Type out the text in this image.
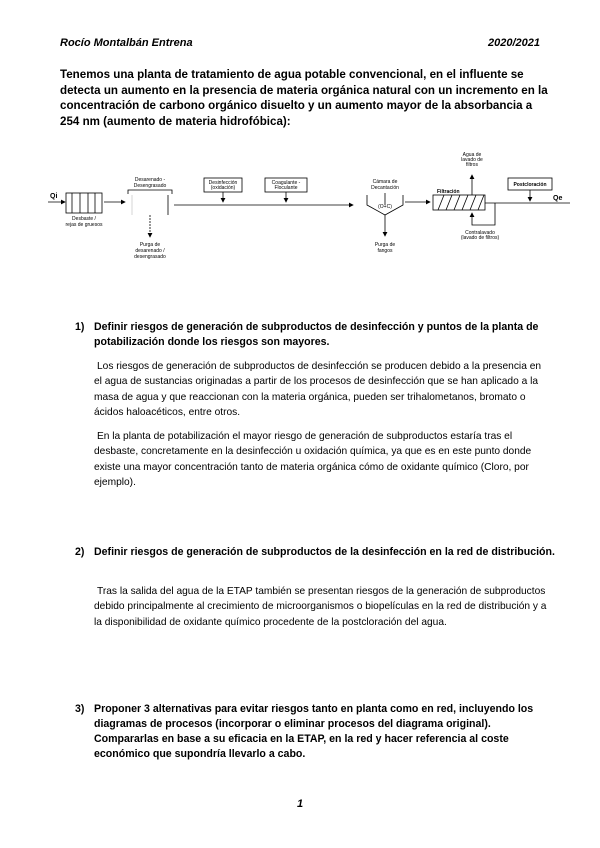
Rocío Montalbán Entrena	2020/2021
Tenemos una planta de tratamiento de agua potable convencional, en el influente se detecta un aumento en la presencia de materia orgánica natural con un incremento en la concentración de carbono orgánico disuelto y un aumento mayor de la absorbancia a 254 nm (aumento de materia hidrofóbica):
Qi	Qe
Desbaste / rejas de gruesos
Desarenado -Desengrasado
Purga de desarenado / desengrasado
Desinfección (oxidación)
Coagulante -Floculante
Cámara de Decantación
(O+C)
Purga de fangos
Filtración
Agua de lavado de filtros
Contralavado (lavado de filtros)
Postcloración
1) Definir riesgos de generación de subproductos de desinfección y puntos de la planta de potabilización donde los riesgos son mayores.
Los riesgos de generación de subproductos de desinfección se producen debido a la presencia en el agua de sustancias originadas a partir de los procesos de desinfección que se han aplicado a la masa de agua y que reaccionan con la materia orgánica, pueden ser trihalometanos, bromato o ácidos haloacéticos, entre otros.
En la planta de potabilización el mayor riesgo de generación de subproductos estaría tras el desbaste, concretamente en la desinfección u oxidación química, ya que es en este punto donde existe una mayor concentración tanto de materia orgánica cómo de oxidante químico (Cloro, por ejemplo).
2) Definir riesgos de generación de subproductos de la desinfección en la red de distribución.
Tras la salida del agua de la ETAP también se presentan riesgos de la generación de subproductos debido principalmente al crecimiento de microorganismos o biopelículas en la red de distribución y a la disponibilidad de oxidante químico procedente de la postcloración del agua.
3) Proponer 3 alternativas para evitar riesgos tanto en planta como en red, incluyendo los diagramas de procesos (incorporar o eliminar procesos del diagrama original). Compararlas en base a su eficacia en la ETAP, en la red y hacer referencia al coste económico que supondría llevarlo a cabo.
1
